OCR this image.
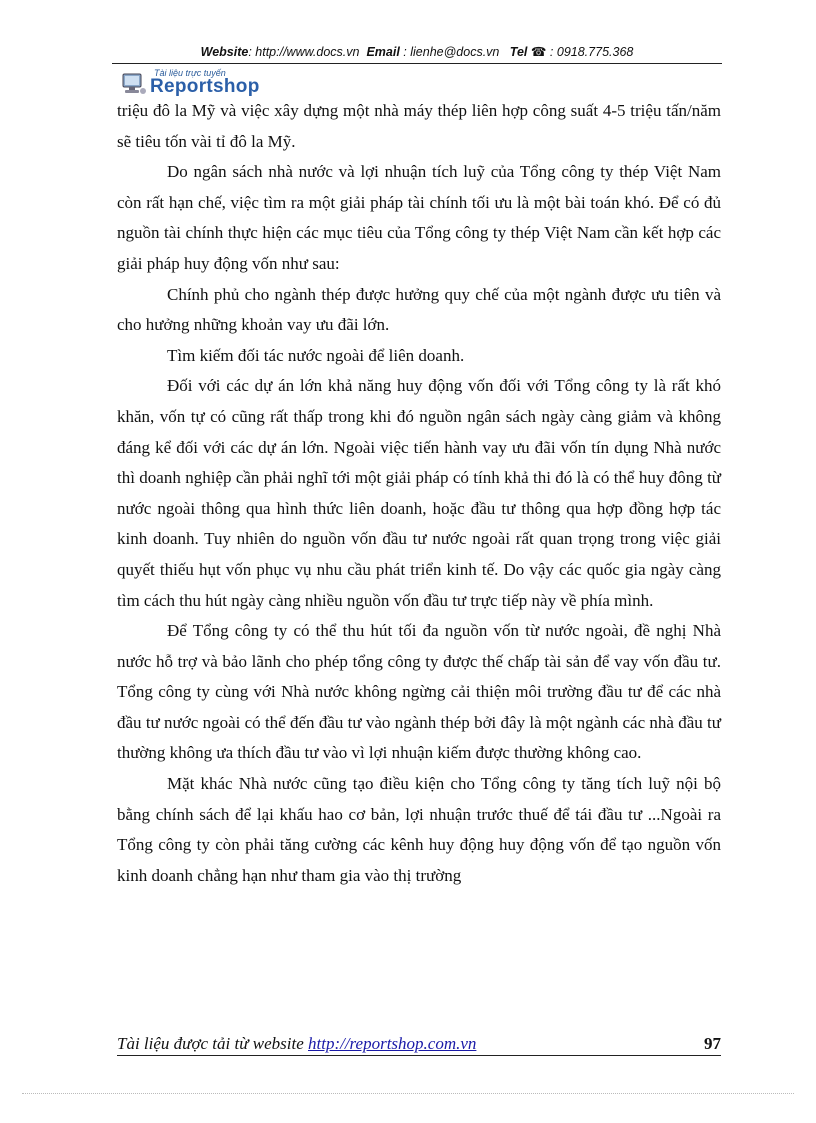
Website: http://www.docs.vn Email : lienhe@docs.vn Tel ☎ : 0918.775.368
Tài liệu trực tuyến
Reportshop

triệu đô la Mỹ và việc xây dựng một nhà máy thép liên hợp công suất 4-5 triệu tấn/năm sẽ tiêu tốn vài tỉ đô la Mỹ.

Do ngân sách nhà nước và lợi nhuận tích luỹ của Tổng công ty thép Việt Nam còn rất hạn chế, việc tìm ra một giải pháp tài chính tối ưu là một bài toán khó. Để có đủ nguồn tài chính thực hiện các mục tiêu của Tổng công ty thép Việt Nam cần kết hợp các giải pháp huy động vốn như sau:

Chính phủ cho ngành thép được hưởng quy chế của một ngành được ưu tiên và cho hưởng những khoản vay ưu đãi lớn.

Tìm kiếm đối tác nước ngoài để liên doanh.

Đối với các dự án lớn khả năng huy động vốn đối với Tổng công ty là rất khó khăn, vốn tự có cũng rất thấp trong khi đó nguồn ngân sách ngày càng giảm và không đáng kể đối với các dự án lớn. Ngoài việc tiến hành vay ưu đãi vốn tín dụng Nhà nước thì doanh nghiệp cần phải nghĩ tới một giải pháp có tính khả thi đó là có thể huy đông từ nước ngoài thông qua hình thức liên doanh, hoặc đầu tư thông qua hợp đồng hợp tác kinh doanh. Tuy nhiên do nguồn vốn đầu tư nước ngoài rất quan trọng trong việc giải quyết thiếu hụt vốn phục vụ nhu cầu phát triển kinh tế. Do vậy các quốc gia ngày càng tìm cách thu hút ngày càng nhiều nguồn vốn đầu tư trực tiếp này về phía mình.

Để Tổng công ty có thể thu hút tối đa nguồn vốn từ nước ngoài, đề nghị Nhà nước hỗ trợ và bảo lãnh cho phép tổng công ty được thế chấp tài sản để vay vốn đầu tư. Tổng công ty cùng với Nhà nước không ngừng cải thiện môi trường đầu tư để các nhà đầu tư nước ngoài có thể đến đầu tư vào ngành thép bởi đây là một ngành các nhà đầu tư thường không ưa thích đầu tư vào vì lợi nhuận kiếm được thường không cao.

Mặt khác Nhà nước cũng tạo điều kiện cho Tổng công ty tăng tích luỹ nội bộ bằng chính sách để lại khấu hao cơ bản, lợi nhuận trước thuế để tái đầu tư ...Ngoài ra Tổng công ty còn phải tăng cường các kênh huy động huy động vốn để tạo nguồn vốn kinh doanh chẳng hạn như tham gia vào thị trường

Tài liệu được tải từ website http://reportshop.com.vn	97
